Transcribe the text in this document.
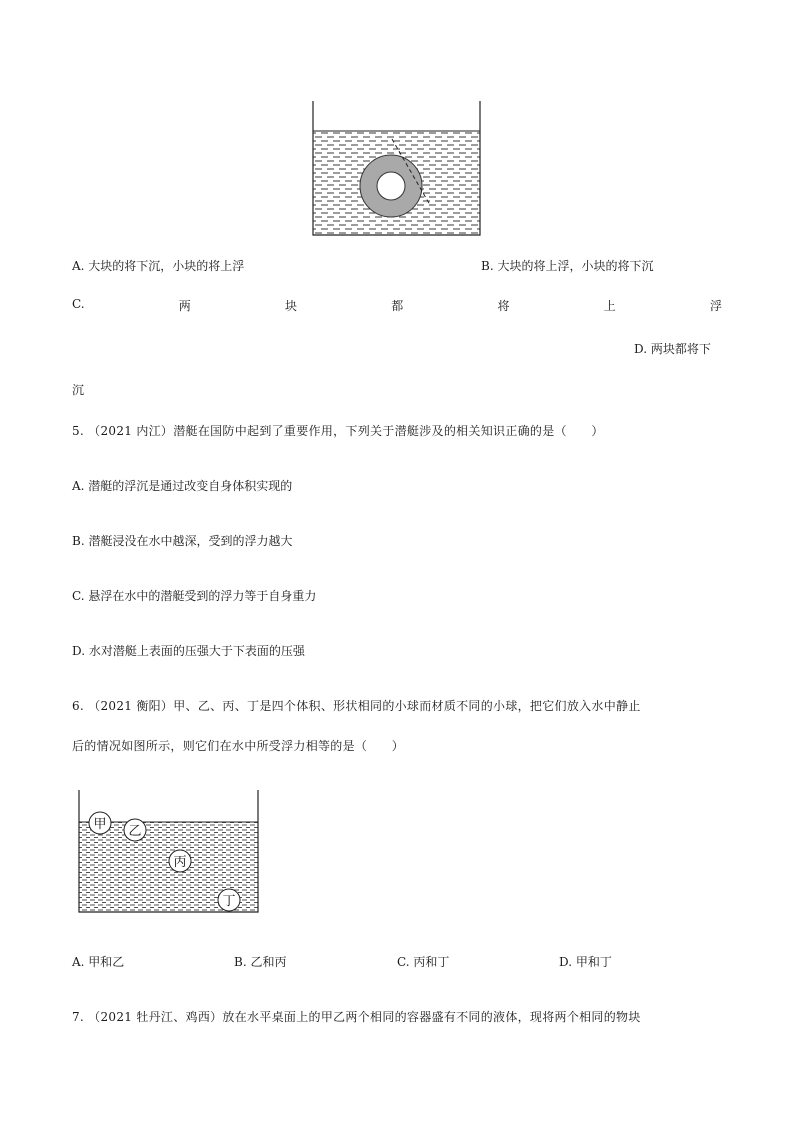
A. 大块的将下沉，小块的将上浮	B. 大块的将上浮，小块的将下沉
C.	两	块	都	将	上	浮
D. 两块都将下
沉
5. （2021 内江）潜艇在国防中起到了重要作用，下列关于潜艇涉及的相关知识正确的是（　　）
A. 潜艇的浮沉是通过改变自身体积实现的
B. 潜艇浸没在水中越深，受到的浮力越大
C. 悬浮在水中的潜艇受到的浮力等于自身重力
D. 水对潜艇上表面的压强大于下表面的压强
6. （2021 衡阳）甲、乙、丙、丁是四个体积、形状相同的小球而材质不同的小球，把它们放入水中静止
后的情况如图所示，则它们在水中所受浮力相等的是（　　）
甲 乙
丙
丁
A. 甲和乙	B. 乙和丙	C. 丙和丁	D. 甲和丁
7. （2021 牡丹江、鸡西）放在水平桌面上的甲乙两个相同的容器盛有不同的液体，现将两个相同的物块
